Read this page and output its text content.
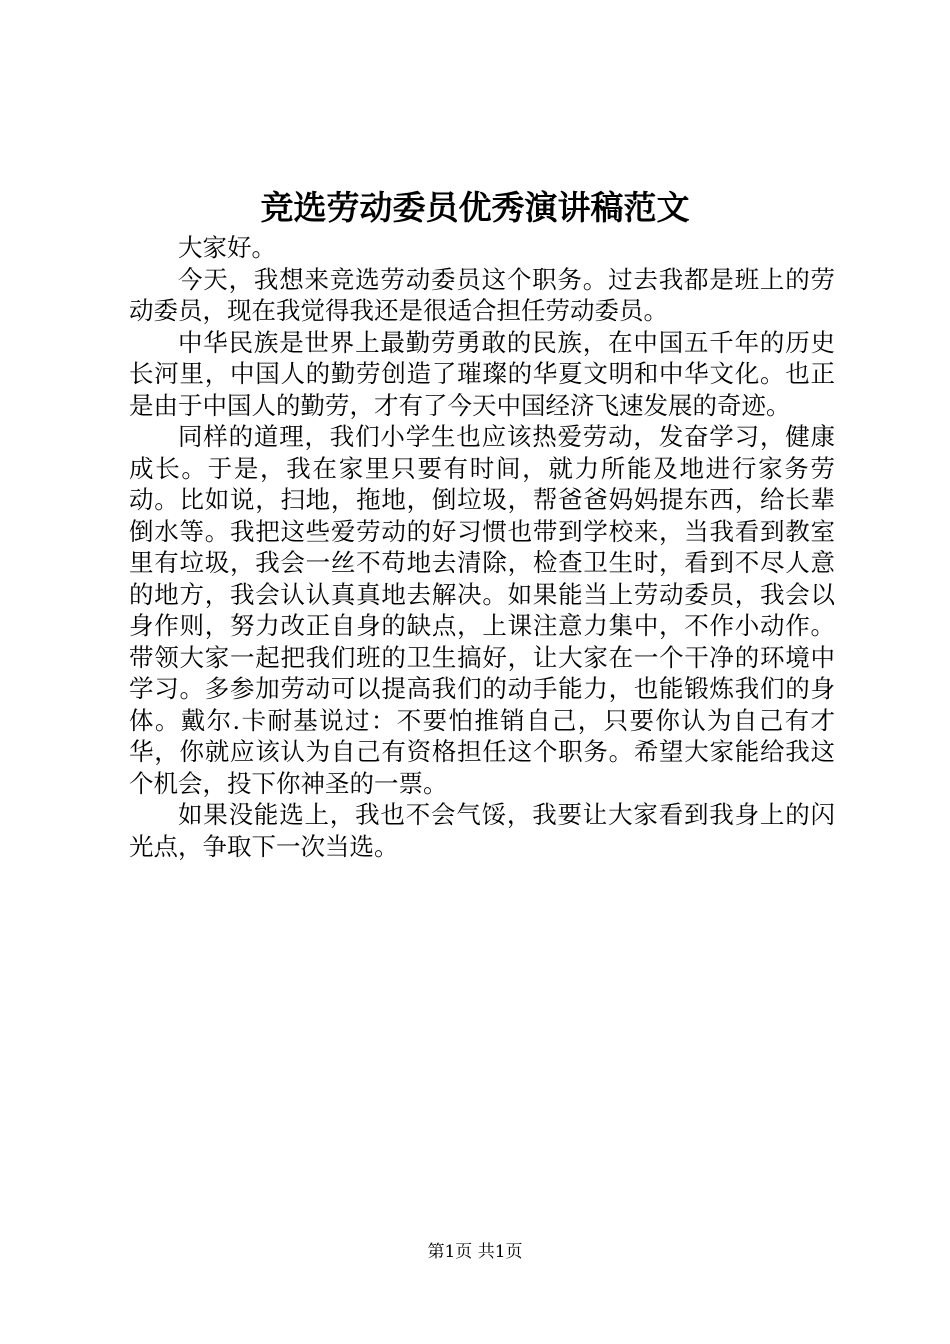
竞选劳动委员优秀演讲稿范文

大家好。

今天，我想来竞选劳动委员这个职务。过去我都是班上的劳动委员，现在我觉得我还是很适合担任劳动委员。

中华民族是世界上最勤劳勇敢的民族，在中国五千年的历史长河里，中国人的勤劳创造了璀璨的华夏文明和中华文化。也正是由于中国人的勤劳，才有了今天中国经济飞速发展的奇迹。

同样的道理，我们小学生也应该热爱劳动，发奋学习，健康成长。于是，我在家里只要有时间，就力所能及地进行家务劳动。比如说，扫地，拖地，倒垃圾，帮爸爸妈妈提东西，给长辈倒水等。我把这些爱劳动的好习惯也带到学校来，当我看到教室里有垃圾，我会一丝不苟地去清除，检查卫生时，看到不尽人意的地方，我会认认真真地去解决。如果能当上劳动委员，我会以身作则，努力改正自身的缺点，上课注意力集中，不作小动作。带领大家一起把我们班的卫生搞好，让大家在一个干净的环境中学习。多参加劳动可以提高我们的动手能力，也能锻炼我们的身体。戴尔.卡耐基说过：不要怕推销自己，只要你认为自己有才华，你就应该认为自己有资格担任这个职务。希望大家能给我这个机会，投下你神圣的一票。

如果没能选上，我也不会气馁，我要让大家看到我身上的闪光点，争取下一次当选。

第1页 共1页
